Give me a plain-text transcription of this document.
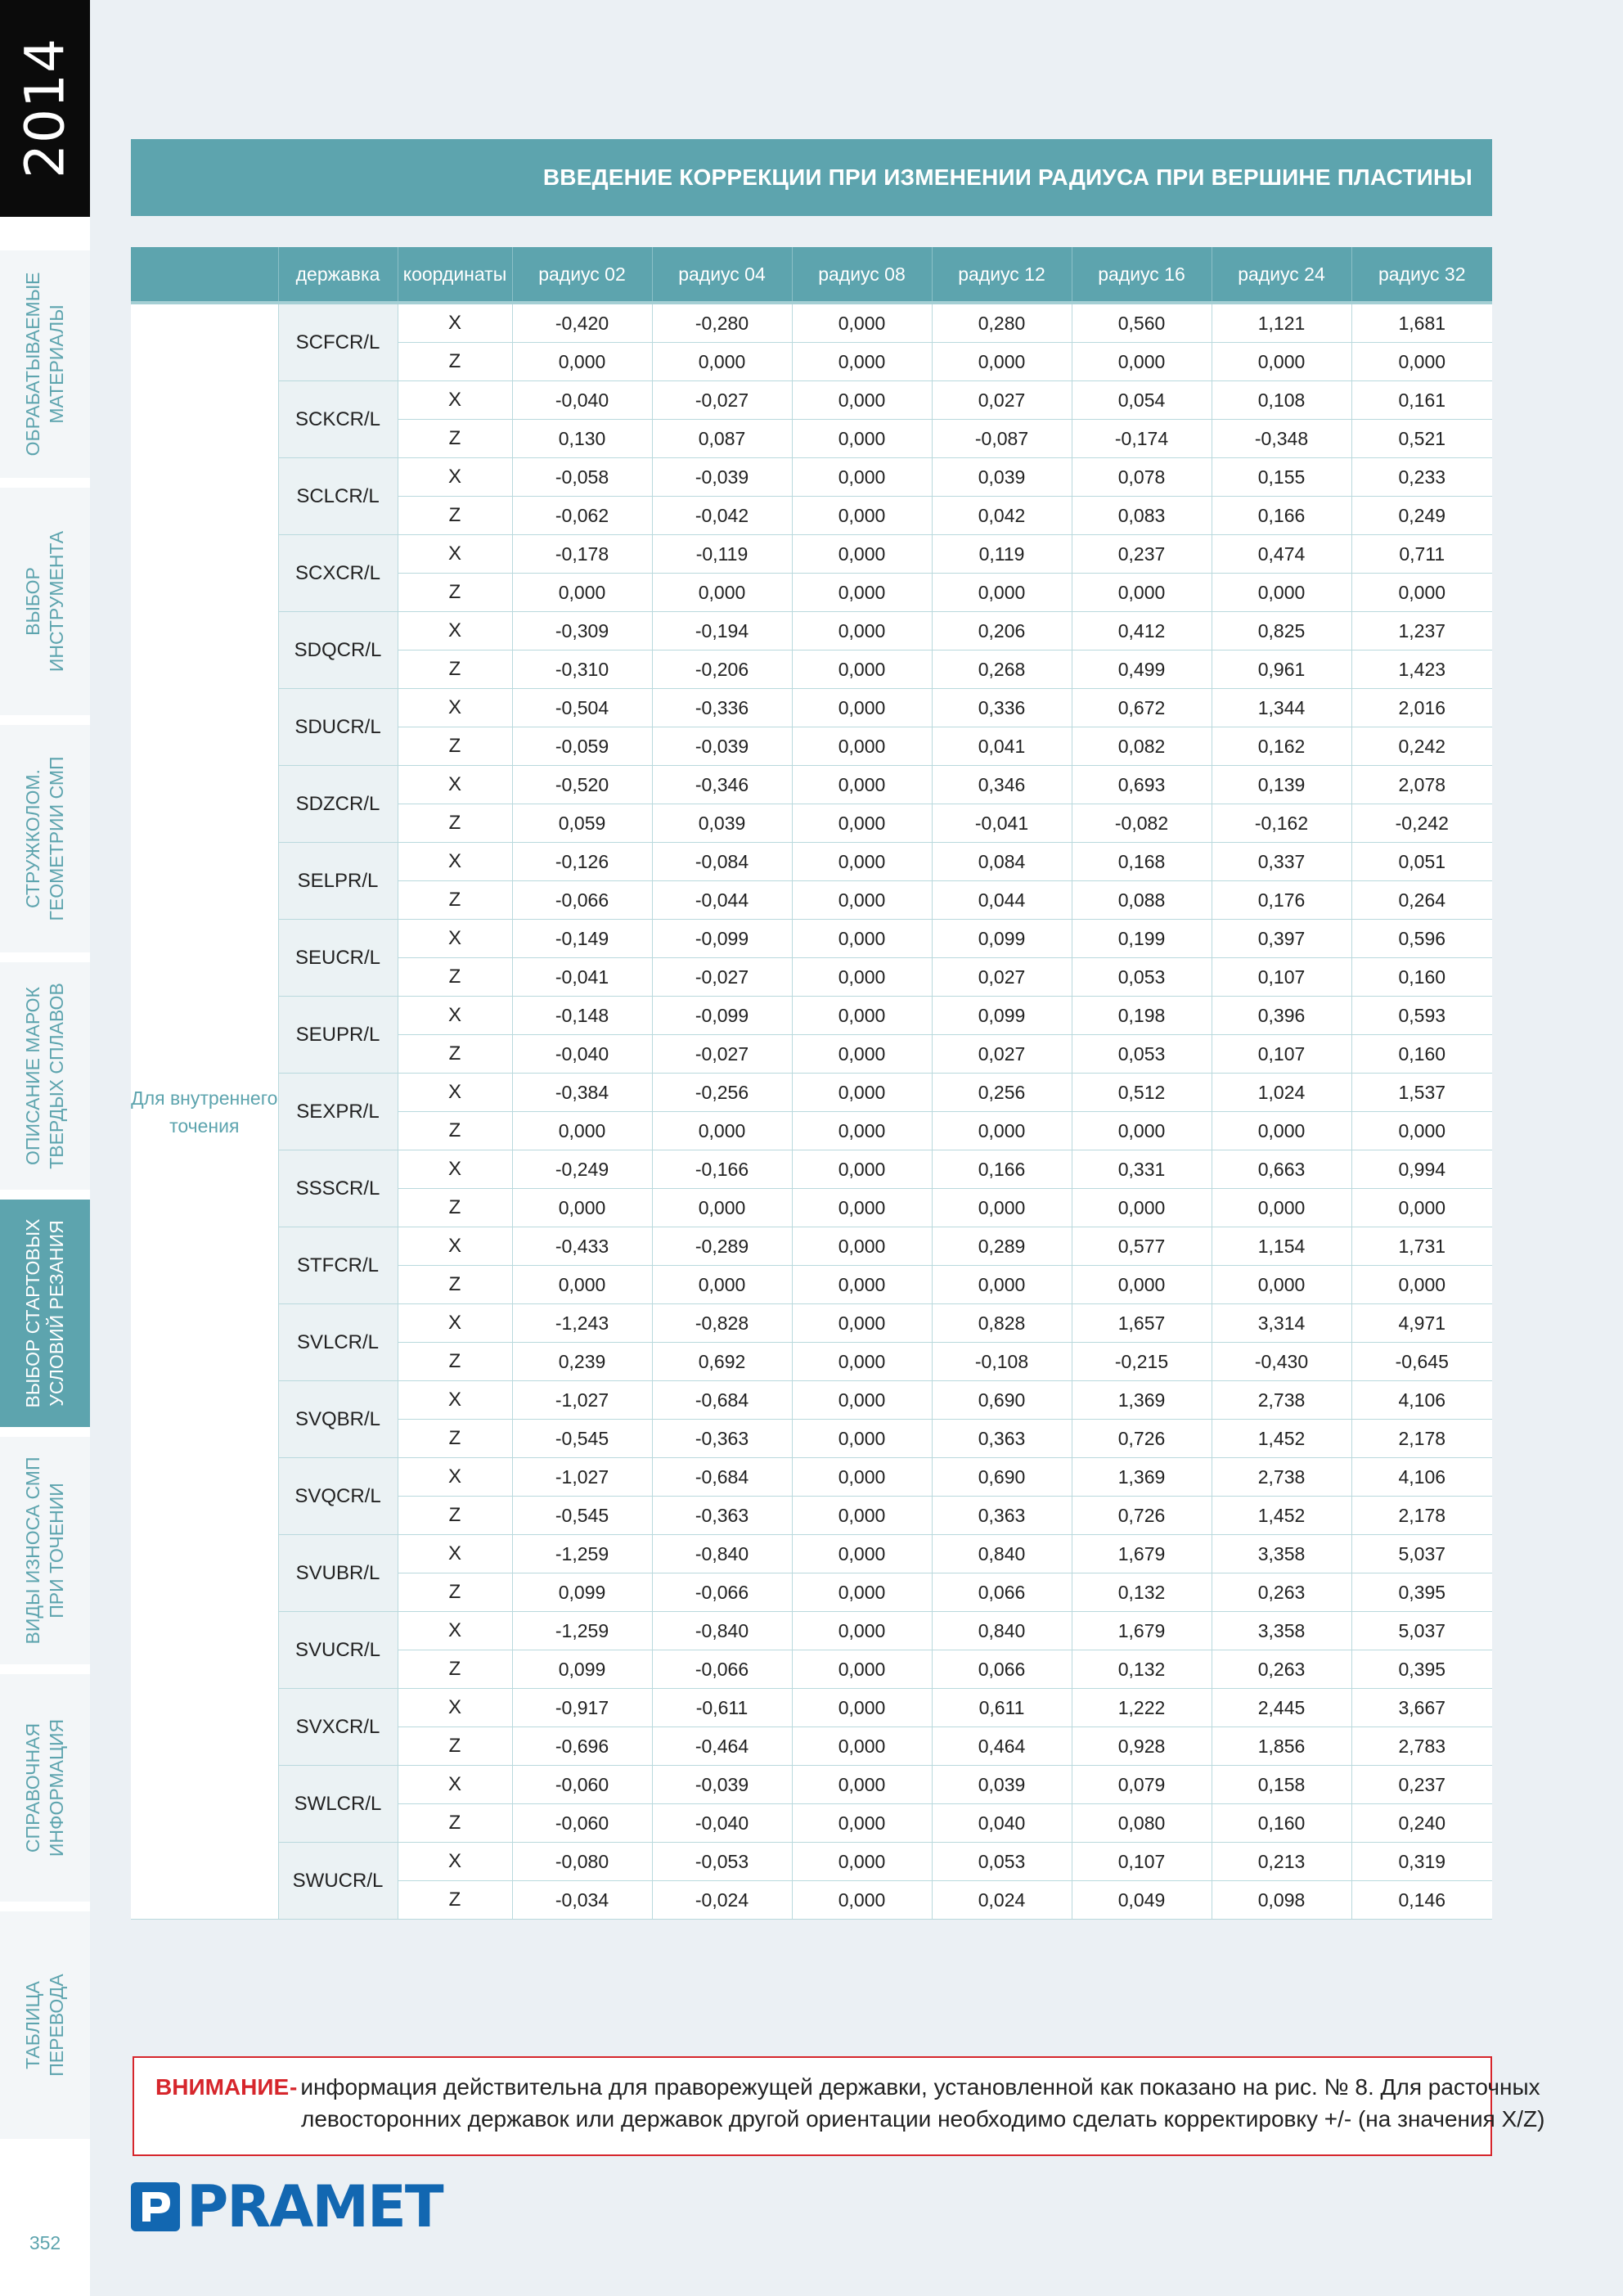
2014
ОБРАБАТЫВАЕМЫЕ
МАТЕРИАЛЫ
ВЫБОР
ИНСТРУМЕНТА
СТРУЖКОЛОМ.
ГЕОМЕТРИИ СМП
ОПИСАНИЕ МАРОК
ТВЕРДЫХ СПЛАВОВ
ВЫБОР СТАРТОВЫХ
УСЛОВИЙ РЕЗАНИЯ
ВИДЫ ИЗНОСА СМП
ПРИ ТОЧЕНИИ
СПРАВОЧНАЯ
ИНФОРМАЦИЯ
ТАБЛИЦА
ПЕРЕВОДА
352
ВВЕДЕНИЕ КОРРЕКЦИИ ПРИ ИЗМЕНЕНИИ РАДИУСА ПРИ ВЕРШИНЕ ПЛАСТИНЫ
	державка	координаты	радиус 02	радиус 04	радиус 08	радиус 12	радиус 16	радиус 24	радиус 32
Для внутреннего точения	SCFCR/L	X	-0,420	-0,280	0,000	0,280	0,560	1,121	1,681
		Z	0,000	0,000	0,000	0,000	0,000	0,000	0,000
	SCKCR/L	X	-0,040	-0,027	0,000	0,027	0,054	0,108	0,161
		Z	0,130	0,087	0,000	-0,087	-0,174	-0,348	0,521
	SCLCR/L	X	-0,058	-0,039	0,000	0,039	0,078	0,155	0,233
		Z	-0,062	-0,042	0,000	0,042	0,083	0,166	0,249
	SCXCR/L	X	-0,178	-0,119	0,000	0,119	0,237	0,474	0,711
		Z	0,000	0,000	0,000	0,000	0,000	0,000	0,000
	SDQCR/L	X	-0,309	-0,194	0,000	0,206	0,412	0,825	1,237
		Z	-0,310	-0,206	0,000	0,268	0,499	0,961	1,423
	SDUCR/L	X	-0,504	-0,336	0,000	0,336	0,672	1,344	2,016
		Z	-0,059	-0,039	0,000	0,041	0,082	0,162	0,242
	SDZCR/L	X	-0,520	-0,346	0,000	0,346	0,693	0,139	2,078
		Z	0,059	0,039	0,000	-0,041	-0,082	-0,162	-0,242
	SELPR/L	X	-0,126	-0,084	0,000	0,084	0,168	0,337	0,051
		Z	-0,066	-0,044	0,000	0,044	0,088	0,176	0,264
	SEUCR/L	X	-0,149	-0,099	0,000	0,099	0,199	0,397	0,596
		Z	-0,041	-0,027	0,000	0,027	0,053	0,107	0,160
	SEUPR/L	X	-0,148	-0,099	0,000	0,099	0,198	0,396	0,593
		Z	-0,040	-0,027	0,000	0,027	0,053	0,107	0,160
	SEXPR/L	X	-0,384	-0,256	0,000	0,256	0,512	1,024	1,537
		Z	0,000	0,000	0,000	0,000	0,000	0,000	0,000
	SSSCR/L	X	-0,249	-0,166	0,000	0,166	0,331	0,663	0,994
		Z	0,000	0,000	0,000	0,000	0,000	0,000	0,000
	STFCR/L	X	-0,433	-0,289	0,000	0,289	0,577	1,154	1,731
		Z	0,000	0,000	0,000	0,000	0,000	0,000	0,000
	SVLCR/L	X	-1,243	-0,828	0,000	0,828	1,657	3,314	4,971
		Z	0,239	0,692	0,000	-0,108	-0,215	-0,430	-0,645
	SVQBR/L	X	-1,027	-0,684	0,000	0,690	1,369	2,738	4,106
		Z	-0,545	-0,363	0,000	0,363	0,726	1,452	2,178
	SVQCR/L	X	-1,027	-0,684	0,000	0,690	1,369	2,738	4,106
		Z	-0,545	-0,363	0,000	0,363	0,726	1,452	2,178
	SVUBR/L	X	-1,259	-0,840	0,000	0,840	1,679	3,358	5,037
		Z	0,099	-0,066	0,000	0,066	0,132	0,263	0,395
	SVUCR/L	X	-1,259	-0,840	0,000	0,840	1,679	3,358	5,037
		Z	0,099	-0,066	0,000	0,066	0,132	0,263	0,395
	SVXCR/L	X	-0,917	-0,611	0,000	0,611	1,222	2,445	3,667
		Z	-0,696	-0,464	0,000	0,464	0,928	1,856	2,783
	SWLCR/L	X	-0,060	-0,039	0,000	0,039	0,079	0,158	0,237
		Z	-0,060	-0,040	0,000	0,040	0,080	0,160	0,240
	SWUCR/L	X	-0,080	-0,053	0,000	0,053	0,107	0,213	0,319
		Z	-0,034	-0,024	0,000	0,024	0,049	0,098	0,146
ВНИМАНИЕ - информация действительна для праворежущей державки, установленной как показано на рис. № 8. Для расточных
левосторонних державок или державок другой ориентации необходимо сделать корректировку +/- (на значения X/Z)
PRAMET
